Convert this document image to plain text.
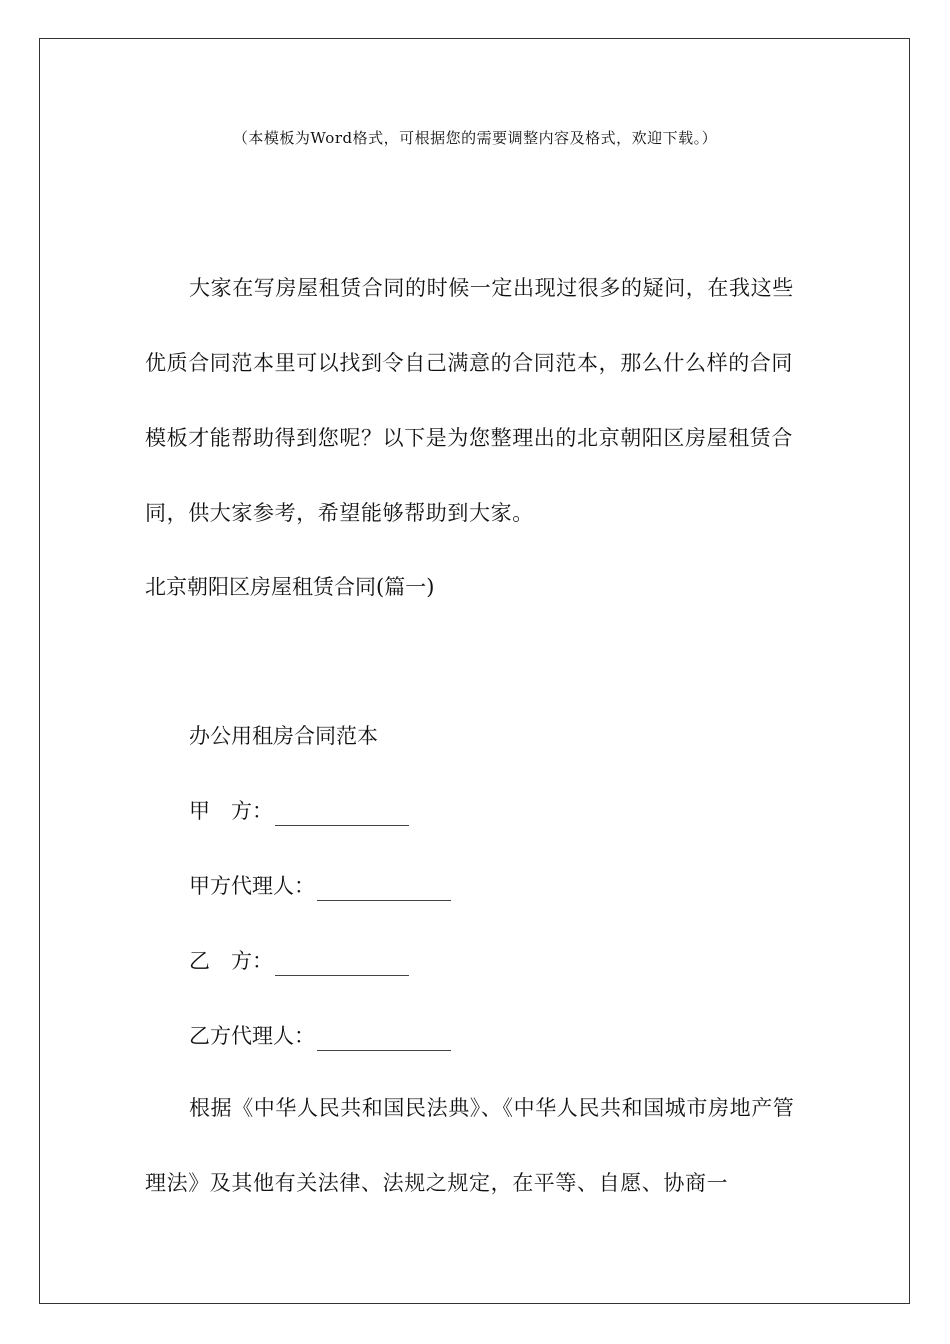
（本模板为Word格式，可根据您的需要调整内容及格式，欢迎下载。）
大家在写房屋租赁合同的时候一定出现过很多的疑问，在我这些优质合同范本里可以找到令自己满意的合同范本，那么什么样的合同模板才能帮助得到您呢？以下是为您整理出的北京朝阳区房屋租赁合同，供大家参考，希望能够帮助到大家。
北京朝阳区房屋租赁合同(篇一)
办公用租房合同范本
甲　方：
甲方代理人：
乙　方：
乙方代理人：
根据《中华人民共和国民法典》、《中华人民共和国城市房地产管理法》及其他有关法律、法规之规定，在平等、自愿、协商一
